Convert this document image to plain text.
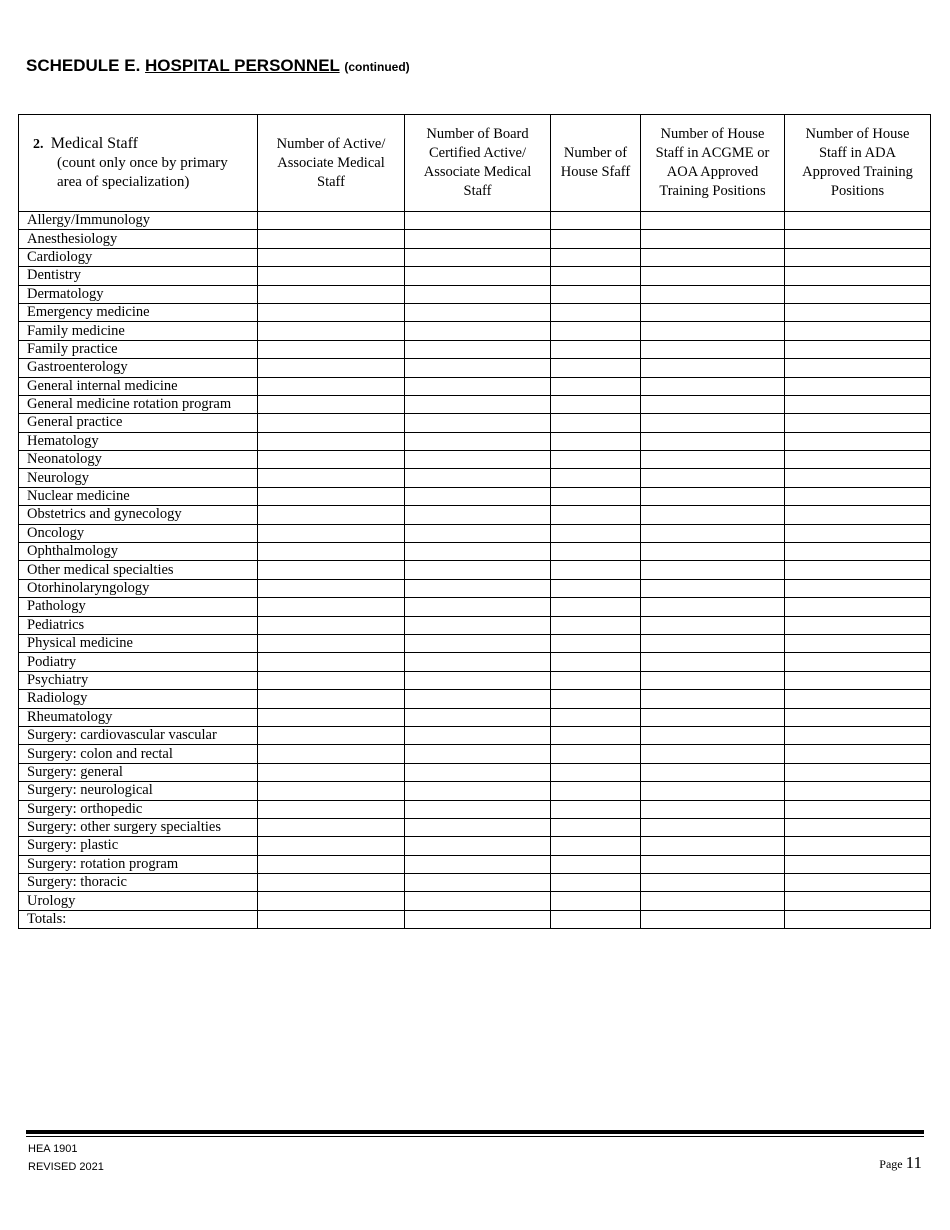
SCHEDULE E. HOSPITAL PERSONNEL (continued)
2. Medical Staff
(count only once by primary area of specialization)	Number of Active/ Associate Medical Staff	Number of Board Certified Active/ Associate Medical Staff	Number of House Sfaff	Number of House Staff in ACGME or AOA Approved Training Positions	Number of House Staff in ADA Approved Training Positions
Allergy/Immunology					
Anesthesiology					
Cardiology					
Dentistry					
Dermatology					
Emergency medicine					
Family medicine					
Family practice					
Gastroenterology					
General internal medicine					
General medicine rotation program					
General practice					
Hematology					
Neonatology					
Neurology					
Nuclear medicine					
Obstetrics and gynecology					
Oncology					
Ophthalmology					
Other medical specialties					
Otorhinolaryngology					
Pathology					
Pediatrics					
Physical medicine					
Podiatry					
Psychiatry					
Radiology					
Rheumatology					
Surgery: cardiovascular vascular					
Surgery: colon and rectal					
Surgery: general					
Surgery: neurological					
Surgery: orthopedic					
Surgery: other surgery specialties					
Surgery: plastic					
Surgery: rotation program					
Surgery: thoracic					
Urology					
Totals:					
HEA 1901
REVISED 2021	Page 11
